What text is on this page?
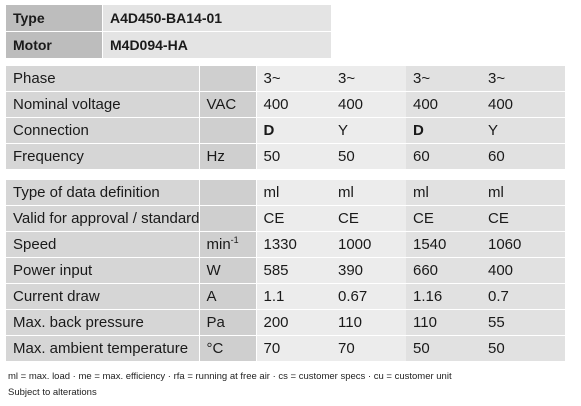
Type	A4D450-BA14-01
Motor	M4D094-HA
Phase		3~	3~	3~	3~
Nominal voltage	VAC	400	400	400	400
Connection		D	Y	D	Y
Frequency	Hz	50	50	60	60
Type of data definition		ml	ml	ml	ml
Valid for approval / standard		CE	CE	CE	CE
Speed	$\min^{-1}$	1330	1000	1540	1060
Power input	W	585	390	660	400
Current draw	A	1.1	0.67	1.16	0.7
Max. back pressure	Pa	200	110	110	55
Max. ambient temperature	°C	70	70	50	50
ml = max. load · me = max. efficiency · rfa = running at free air · cs = customer specs · cu = customer unit
Subject to alterations
